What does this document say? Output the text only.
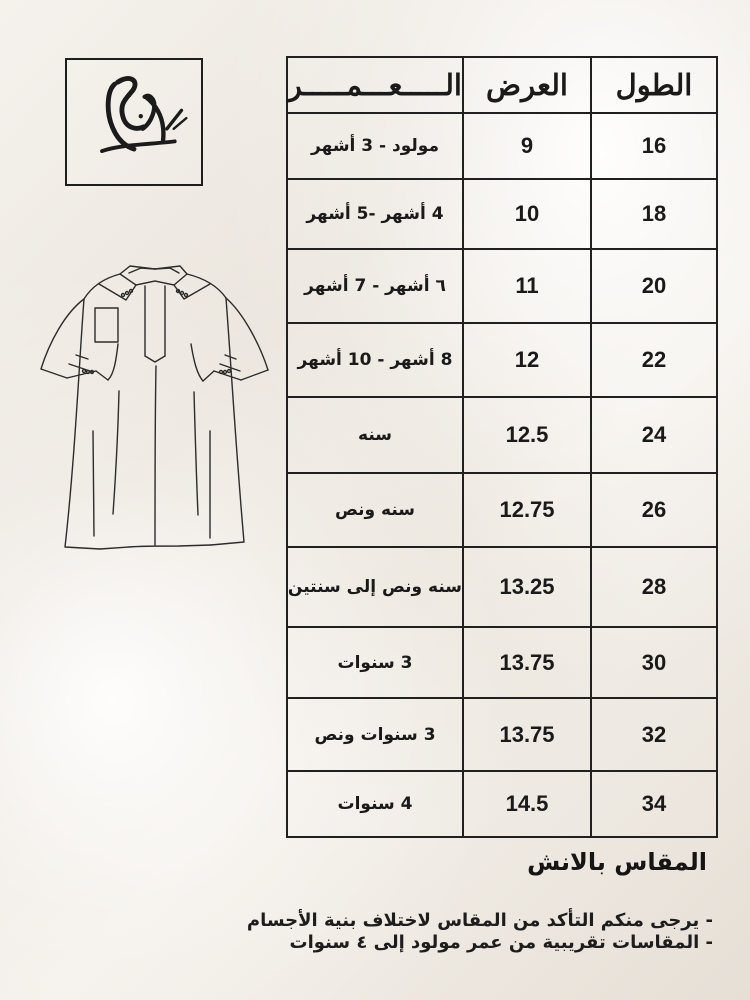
الطول	العرض	الـــــعـــمـــــر
16	9	مولود - 3 أشهر
18	10	4 أشهر -5 أشهر
20	11	٦ أشهر - 7 أشهر
22	12	8 أشهر - 10 أشهر
24	12.5	سنه
26	12.75	سنه ونص
28	13.25	سنه ونص إلى سنتين
30	13.75	3 سنوات
32	13.75	3 سنوات ونص
34	14.5	4 سنوات
المقاس بالانش
- يرجى منكم التأكد من المقاس لاختلاف بنية الأجسام
- المقاسات تقريبية من عمر مولود إلى ٤ سنوات
